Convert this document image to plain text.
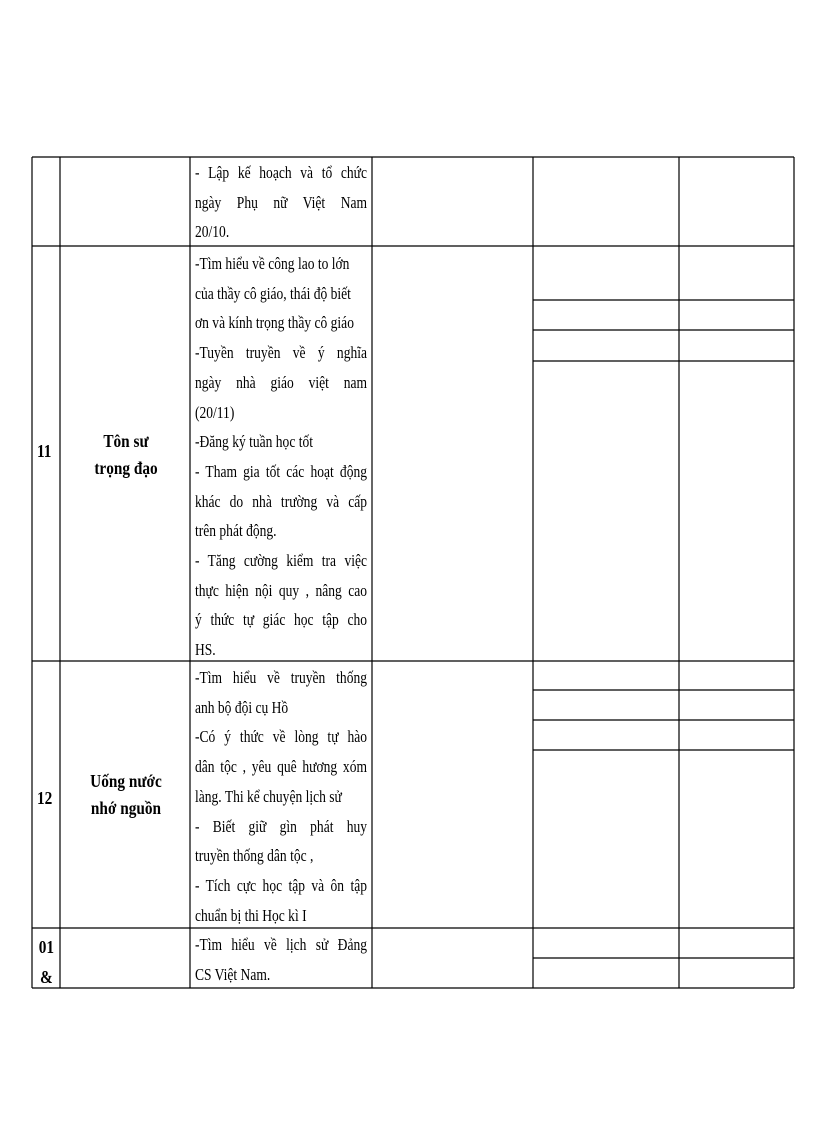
- Lập kế hoạch và tổ chức
ngày Phụ nữ Việt Nam
20/10.
11	Tôn sư
trọng đạo
-Tìm hiểu về công lao to lớn
của thầy cô giáo, thái độ biết
ơn và kính trọng thầy cô giáo
-Tuyền truyền về ý nghĩa
ngày nhà giáo việt nam
(20/11)
-Đăng ký tuần học tốt
- Tham gia tốt các hoạt động
khác do nhà trường và cấp
trên phát động.
- Tăng cường kiểm tra việc
thực hiện nội quy , nâng cao
ý thức tự giác học tập cho
HS.
12
Uống nước
nhớ nguồn
-Tìm hiểu về truyền thống
anh bộ đội cụ Hồ
-Có ý thức về lòng tự hào
dân tộc , yêu quê hương xóm
làng. Thi kể chuyện lịch sử
- Biết giữ gìn phát huy
truyền thống dân tộc ,
- Tích cực học tập và ôn tập
chuẩn bị thi Học kì I
01 &
-Tìm hiểu về lịch sử Đảng
CS Việt Nam.
